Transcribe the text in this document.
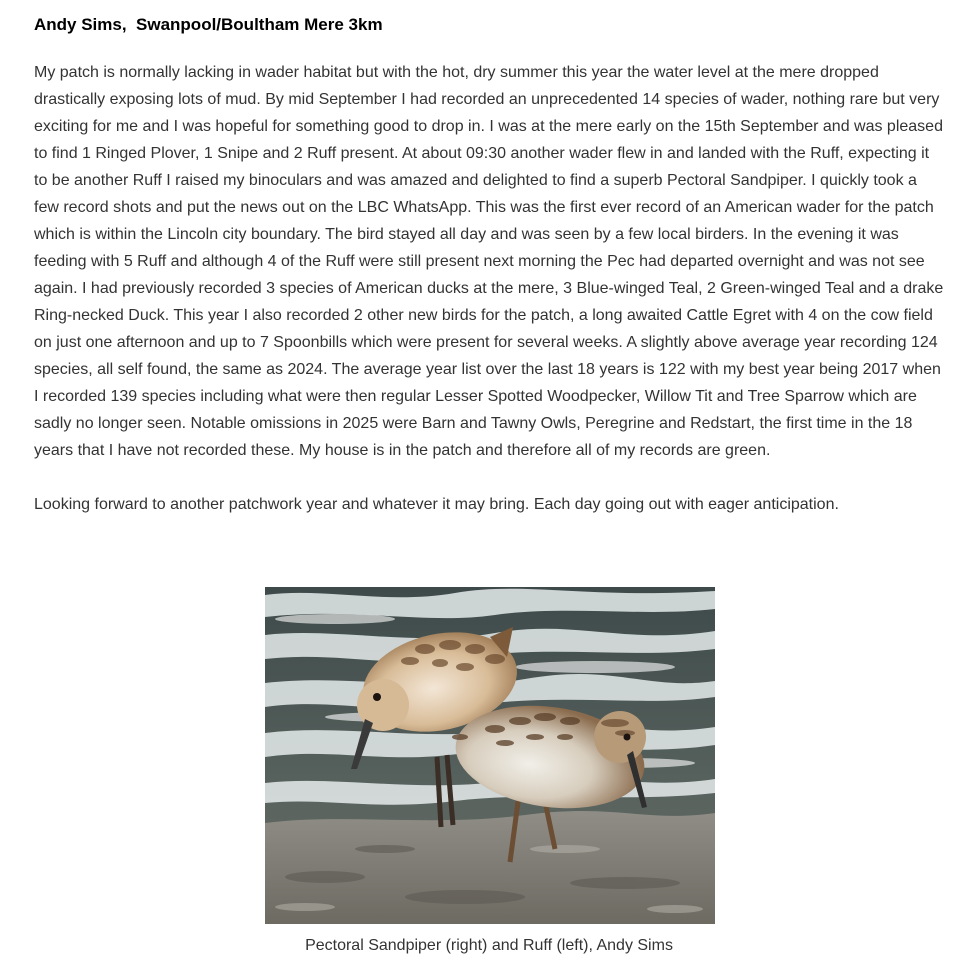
Andy Sims,  Swanpool/Boultham Mere 3km

My patch is normally lacking in wader habitat but with the hot, dry summer this year the water level at the mere dropped drastically exposing lots of mud. By mid September I had recorded an unprecedented 14 species of wader, nothing rare but very exciting for me and I was hopeful for something good to drop in. I was at the mere early on the 15th September and was pleased to find 1 Ringed Plover, 1 Snipe and 2 Ruff present. At about 09:30 another wader flew in and landed with the Ruff, expecting it to be another Ruff I raised my binoculars and was amazed and delighted to find a superb Pectoral Sandpiper. I quickly took a few record shots and put the news out on the LBC WhatsApp. This was the first ever record of an American wader for the patch which is within the Lincoln city boundary. The bird stayed all day and was seen by a few local birders. In the evening it was feeding with 5 Ruff and although 4 of the Ruff were still present next morning the Pec had departed overnight and was not see again. I had previously recorded 3 species of American ducks at the mere, 3 Blue-winged Teal, 2 Green-winged Teal and a drake Ring-necked Duck. This year I also recorded 2 other new birds for the patch, a long awaited Cattle Egret with 4 on the cow field on just one afternoon and up to 7 Spoonbills which were present for several weeks. A slightly above average year recording 124 species, all self found, the same as 2024. The average year list over the last 18 years is 122 with my best year being 2017 when I recorded 139 species including what were then regular Lesser Spotted Woodpecker, Willow Tit and Tree Sparrow which are sadly no longer seen. Notable omissions in 2025 were Barn and Tawny Owls, Peregrine and Redstart, the first time in the 18 years that I have not recorded these. My house is in the patch and therefore all of my records are green.

Looking forward to another patchwork year and whatever it may bring. Each day going out with eager anticipation.

Pectoral Sandpiper (right) and Ruff (left), Andy Sims
